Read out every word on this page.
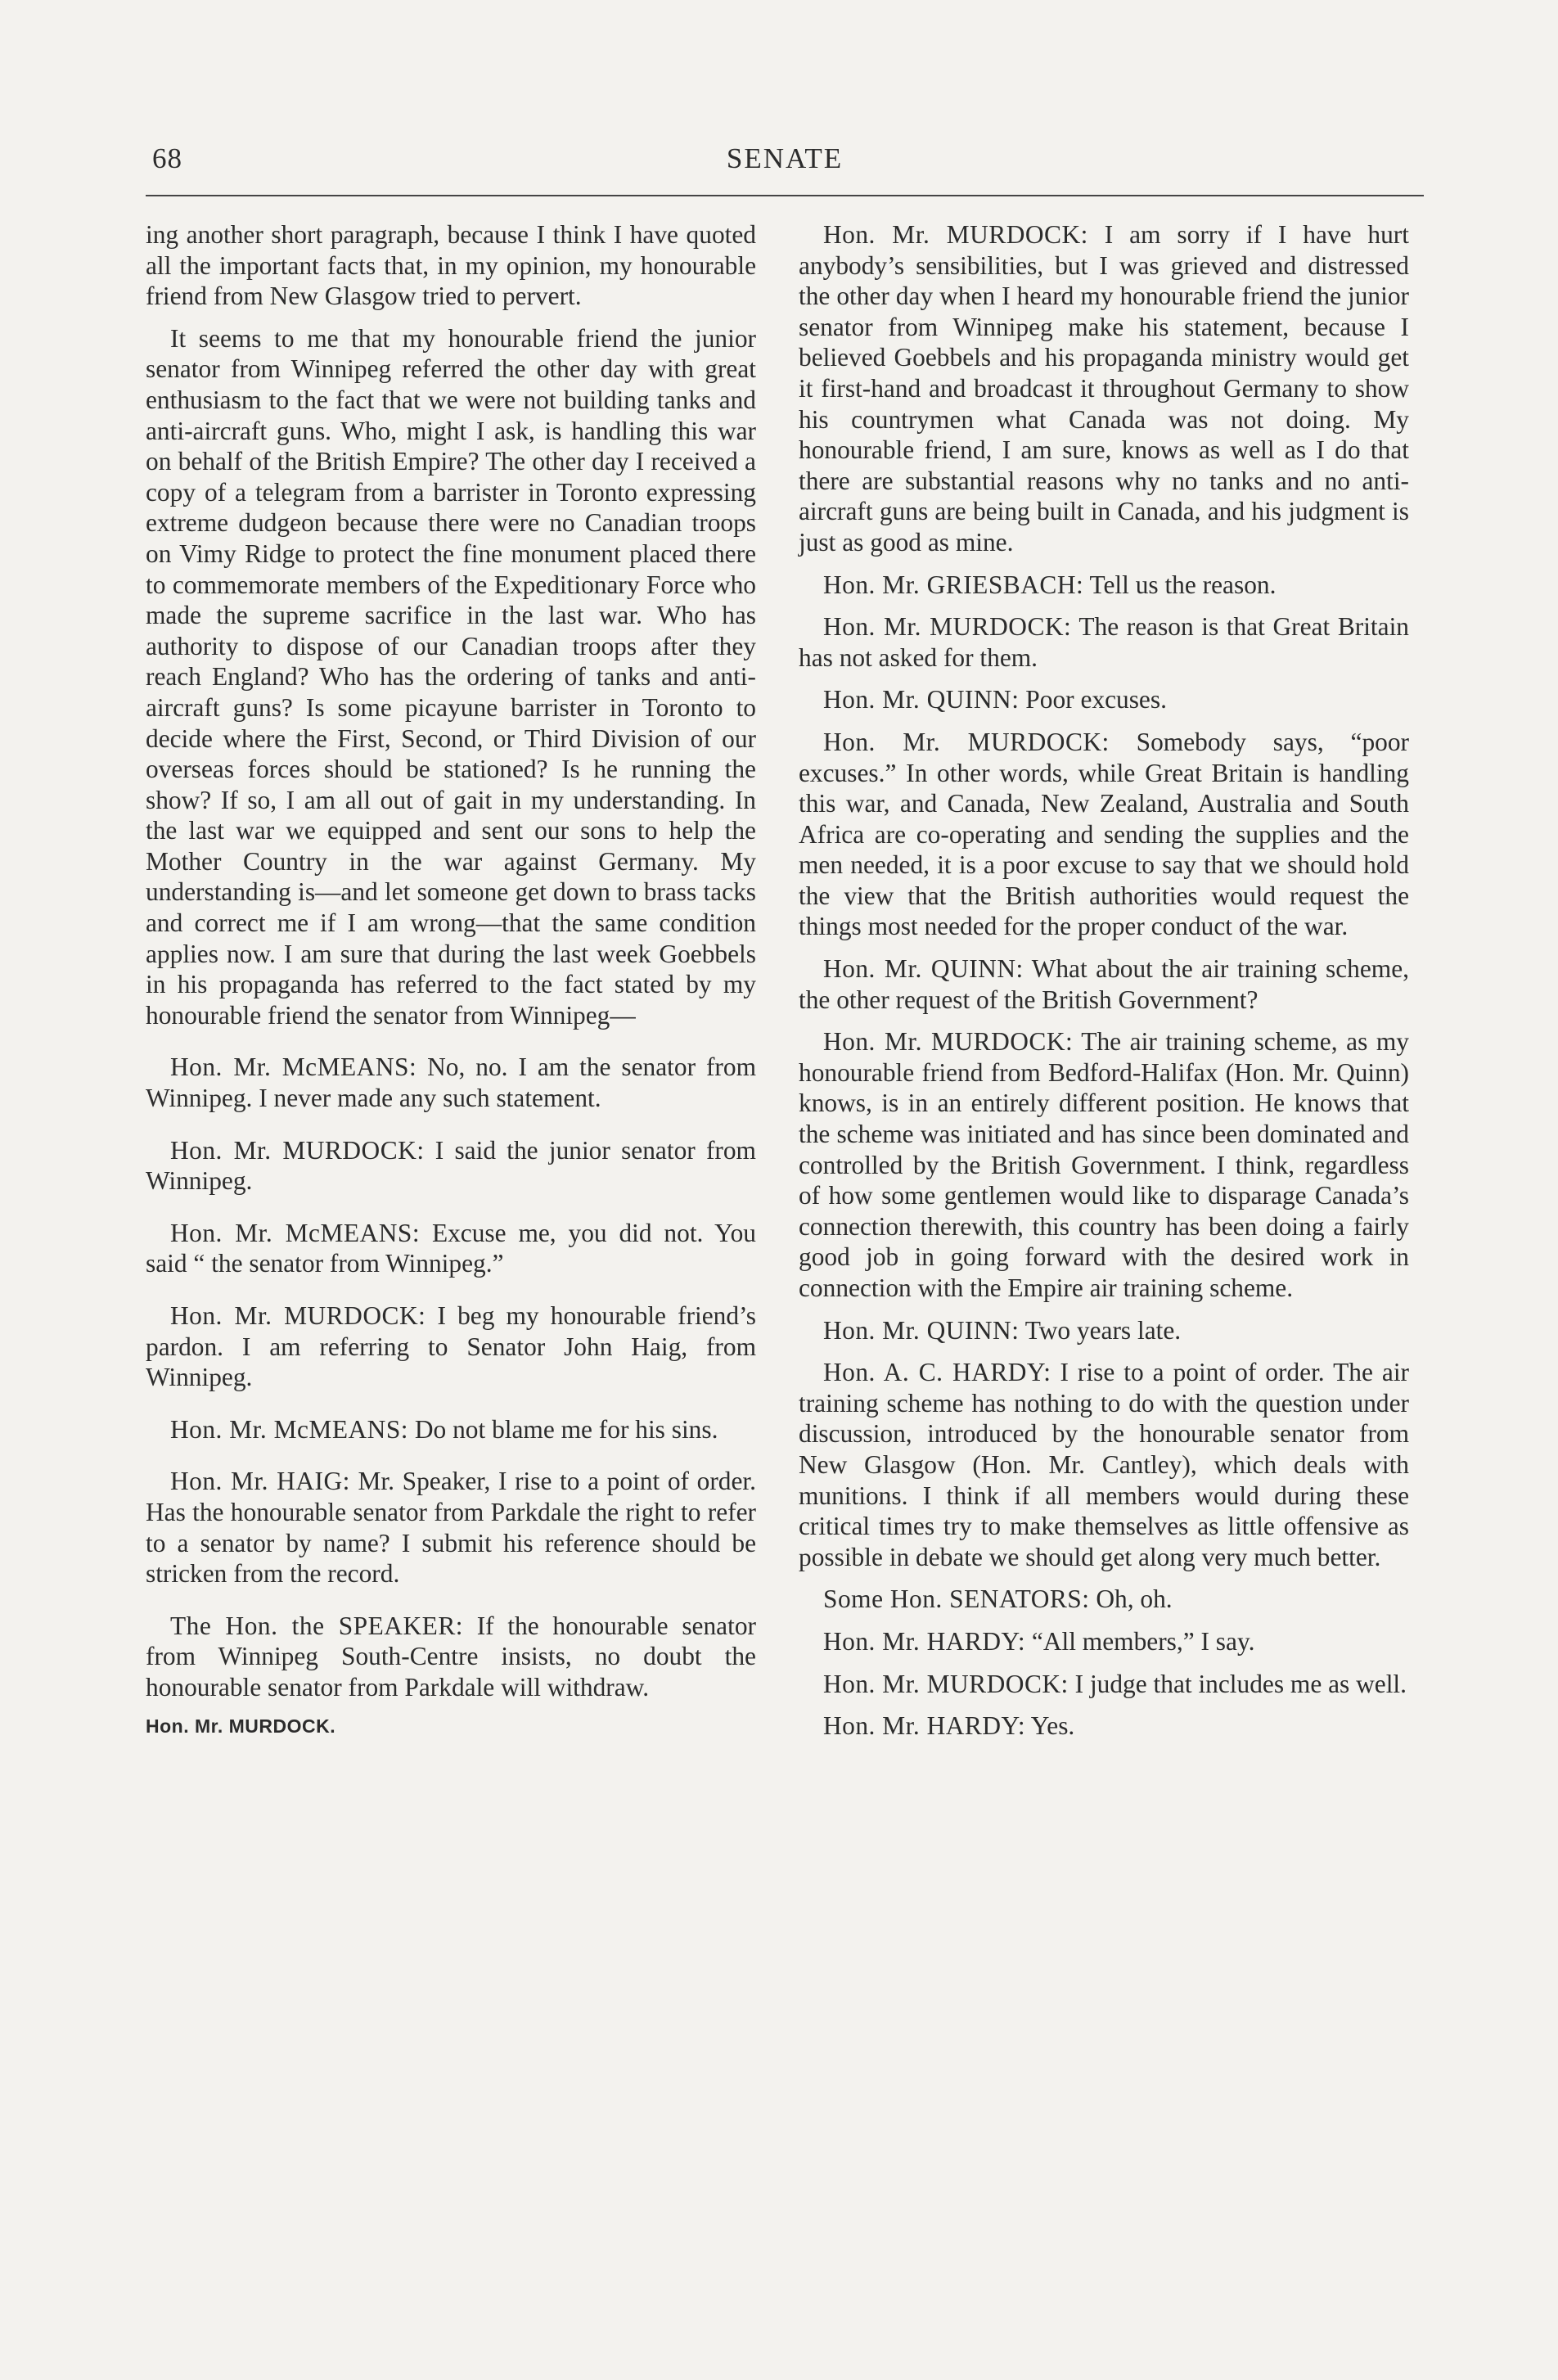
68	SENATE

ing another short paragraph, because I think I have quoted all the important facts that, in my opinion, my honourable friend from New Glasgow tried to pervert.

It seems to me that my honourable friend the junior senator from Winnipeg referred the other day with great enthusiasm to the fact that we were not building tanks and anti-aircraft guns. Who, might I ask, is handling this war on behalf of the British Empire? The other day I received a copy of a telegram from a barrister in Toronto expressing extreme dudgeon because there were no Canadian troops on Vimy Ridge to protect the fine monument placed there to commemorate members of the Expeditionary Force who made the supreme sacrifice in the last war. Who has authority to dispose of our Canadian troops after they reach England? Who has the ordering of tanks and anti-aircraft guns? Is some picayune barrister in Toronto to decide where the First, Second, or Third Division of our overseas forces should be stationed? Is he running the show? If so, I am all out of gait in my understanding. In the last war we equipped and sent our sons to help the Mother Country in the war against Germany. My understanding is—and let someone get down to brass tacks and correct me if I am wrong—that the same condition applies now. I am sure that during the last week Goebbels in his propaganda has referred to the fact stated by my honourable friend the senator from Winnipeg—

Hon. Mr. McMEANS: No, no. I am the senator from Winnipeg. I never made any such statement.

Hon. Mr. MURDOCK: I said the junior senator from Winnipeg.

Hon. Mr. McMEANS: Excuse me, you did not. You said “ the senator from Winnipeg.”

Hon. Mr. MURDOCK: I beg my honourable friend’s pardon. I am referring to Senator John Haig, from Winnipeg.

Hon. Mr. McMEANS: Do not blame me for his sins.

Hon. Mr. HAIG: Mr. Speaker, I rise to a point of order. Has the honourable senator from Parkdale the right to refer to a senator by name? I submit his reference should be stricken from the record.

The Hon. the SPEAKER: If the honourable senator from Winnipeg South-Centre insists, no doubt the honourable senator from Parkdale will withdraw.

Hon. Mr. MURDOCK.

Hon. Mr. MURDOCK: I am sorry if I have hurt anybody’s sensibilities, but I was grieved and distressed the other day when I heard my honourable friend the junior senator from Winnipeg make his statement, because I believed Goebbels and his propaganda ministry would get it first-hand and broadcast it throughout Germany to show his countrymen what Canada was not doing. My honourable friend, I am sure, knows as well as I do that there are substantial reasons why no tanks and no anti-aircraft guns are being built in Canada, and his judgment is just as good as mine.

Hon. Mr. GRIESBACH: Tell us the reason.

Hon. Mr. MURDOCK: The reason is that Great Britain has not asked for them.

Hon. Mr. QUINN: Poor excuses.

Hon. Mr. MURDOCK: Somebody says, “poor excuses.” In other words, while Great Britain is handling this war, and Canada, New Zealand, Australia and South Africa are co-operating and sending the supplies and the men needed, it is a poor excuse to say that we should hold the view that the British authorities would request the things most needed for the proper conduct of the war.

Hon. Mr. QUINN: What about the air training scheme, the other request of the British Government?

Hon. Mr. MURDOCK: The air training scheme, as my honourable friend from Bedford-Halifax (Hon. Mr. Quinn) knows, is in an entirely different position. He knows that the scheme was initiated and has since been dominated and controlled by the British Government. I think, regardless of how some gentlemen would like to disparage Canada’s connection therewith, this country has been doing a fairly good job in going forward with the desired work in connection with the Empire air training scheme.

Hon. Mr. QUINN: Two years late.

Hon. A. C. HARDY: I rise to a point of order. The air training scheme has nothing to do with the question under discussion, introduced by the honourable senator from New Glasgow (Hon. Mr. Cantley), which deals with munitions. I think if all members would during these critical times try to make themselves as little offensive as possible in debate we should get along very much better.

Some Hon. SENATORS: Oh, oh.

Hon. Mr. HARDY: “All members,” I say.

Hon. Mr. MURDOCK: I judge that includes me as well.

Hon. Mr. HARDY: Yes.
